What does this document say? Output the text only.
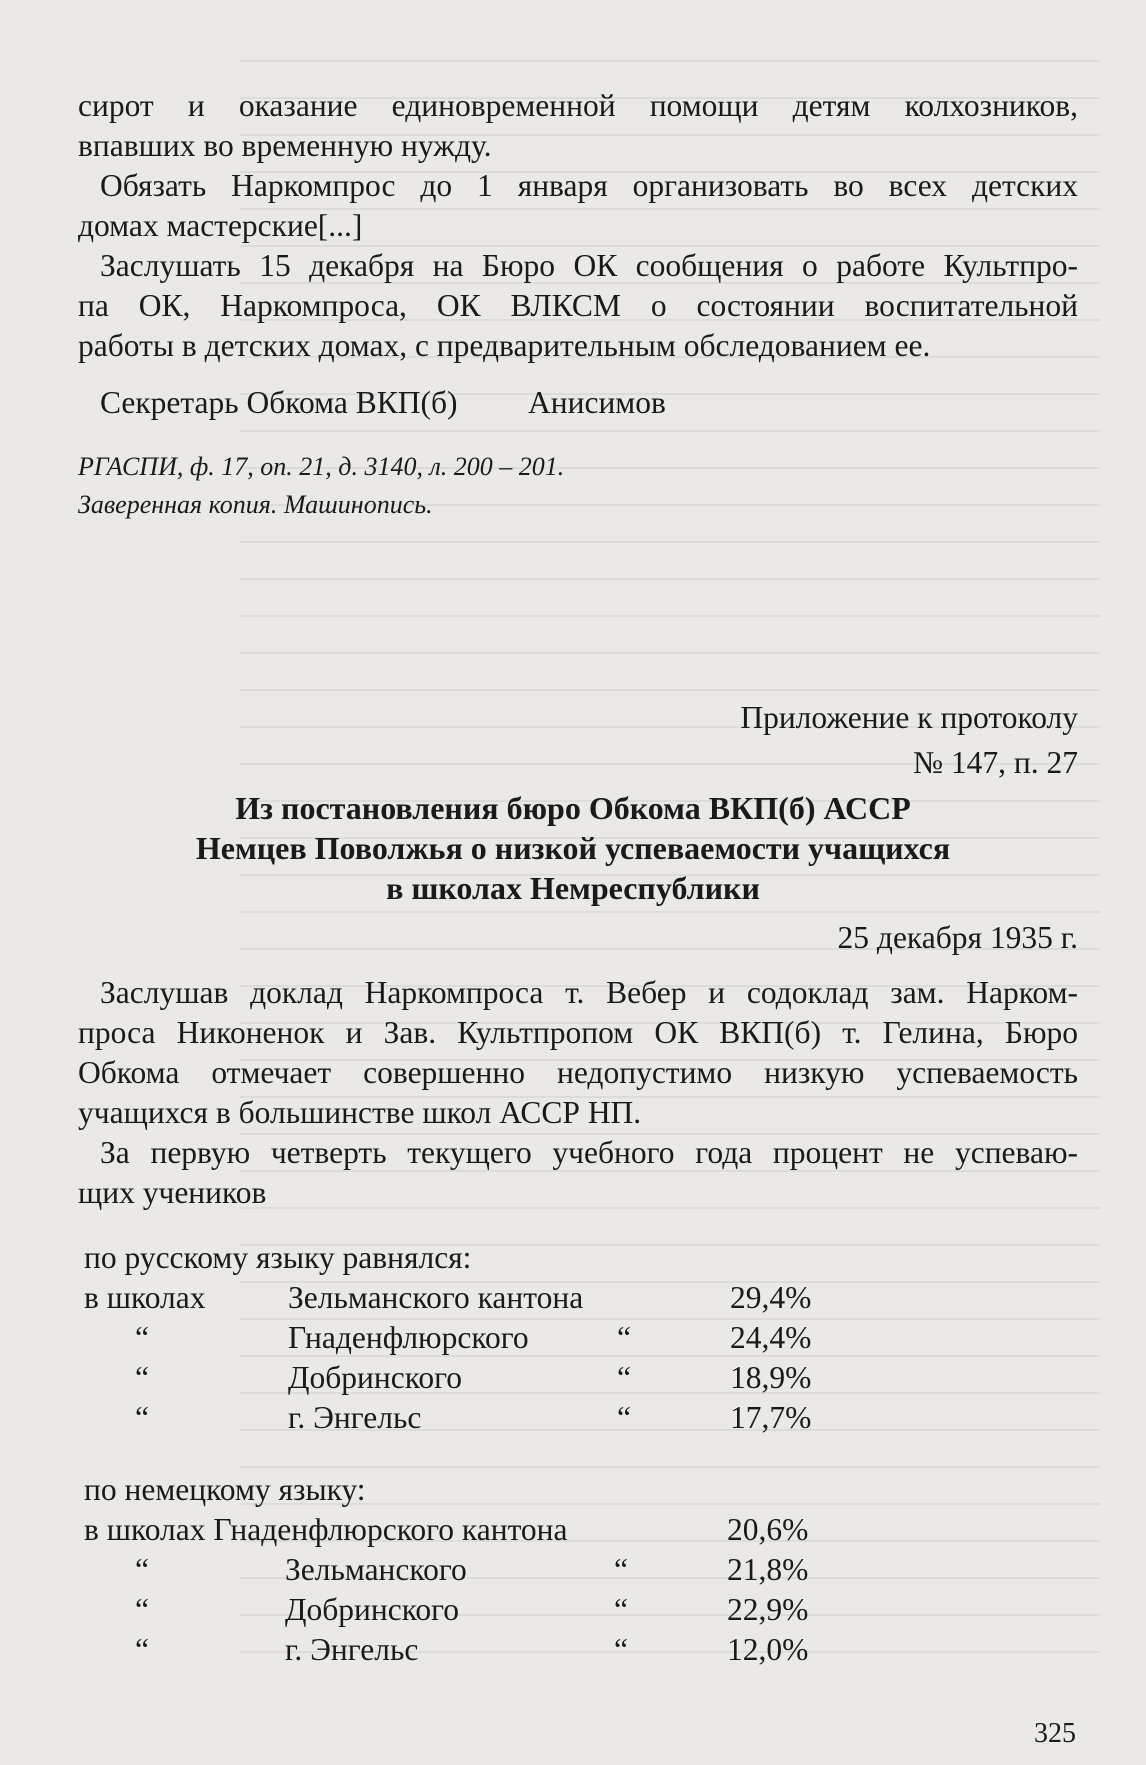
сирот и оказание единовременной помощи детям колхозников,
впавших во временную нужду.
Обязать Наркомпрос до 1 января организовать во всех детских
домах мастерские[...]
Заслушать 15 декабря на Бюро ОК сообщения о работе Культпро-
па ОК, Наркомпроса, ОК ВЛКСМ о состоянии воспитательной
работы в детских домах, с предварительным обследованием ее.
Секретарь Обкома ВКП(б) Анисимов
РГАСПИ, ф. 17, оп. 21, д. 3140, л. 200 – 201.
Заверенная копия. Машинопись.
Приложение к протоколу
№ 147, п. 27
Из постановления бюро Обкома ВКП(б) АССР
Немцев Поволжья о низкой успеваемости учащихся
в школах Немреспублики
25 декабря 1935 г.
Заслушав доклад Наркомпроса т. Вебер и содоклад зам. Нарком-
проса Никоненок и Зав. Культпропом ОК ВКП(б) т. Гелина, Бюро
Обкома отмечает совершенно недопустимо низкую успеваемость
учащихся в большинстве школ АССР НП.
За первую четверть текущего учебного года процент не успеваю-
щих учеников
по русскому языку равнялся:
в школах	Зельманского кантона	29,4%
“	Гнаденфлюрского	“	24,4%
“	Добринского	“	18,9%
“	г. Энгельс	“	17,7%
по немецкому языку:
в школах Гнаденфлюрского кантона	20,6%
“	Зельманского	“	21,8%
“	Добринского	“	22,9%
“	г. Энгельс	“	12,0%
325
